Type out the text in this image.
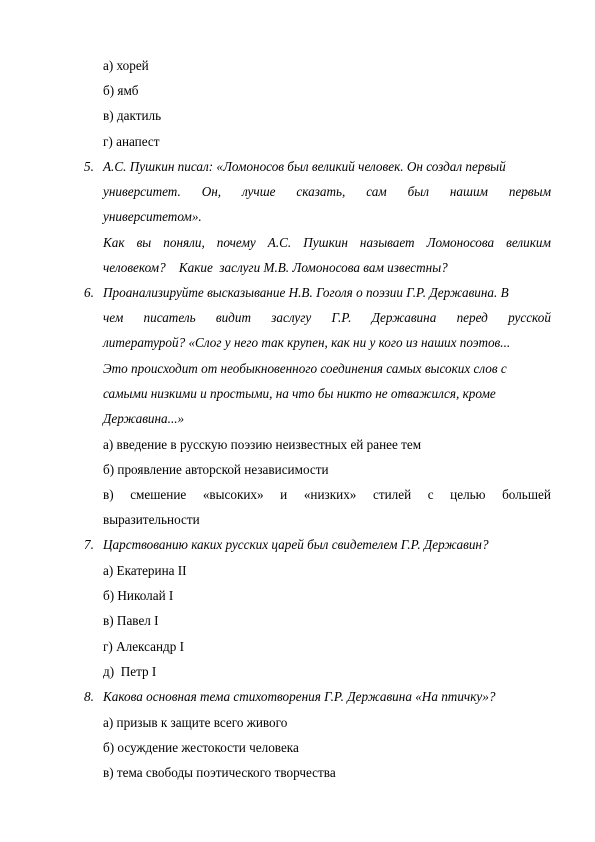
а) хорей
б) ямб
в) дактиль
г) анапест
5. А.С. Пушкин писал: «Ломоносов был великий человек. Он создал первый
университет. Он, лучше сказать, сам был нашим первым
университетом».
Как вы поняли, почему А.С. Пушкин называет Ломоносова великим
человеком?    Какие  заслуги М.В. Ломоносова вам известны?
6. Проанализируйте высказывание Н.В. Гоголя о поэзии Г.Р. Державина. В
чем писатель видит заслугу Г.Р. Державина перед русской
литературой? «Слог у него так крупен, как ни у кого из наших поэтов...
Это происходит от необыкновенного соединения самых высоких слов с
самыми низкими и простыми, на что бы никто не отважился, кроме
Державина...»
а) введение в русскую поэзию неизвестных ей ранее тем
б) проявление авторской независимости
в) смешение «высоких» и «низких» стилей с целью большей
выразительности
7. Царствованию каких русских царей был свидетелем Г.Р. Державин?
а) Екатерина II
б) Николай I
в) Павел I
г) Александр I
д)  Петр I
8. Какова основная тема стихотворения Г.Р. Державина «На птичку»?
а) призыв к защите всего живого
б) осуждение жестокости человека
в) тема свободы поэтического творчества
